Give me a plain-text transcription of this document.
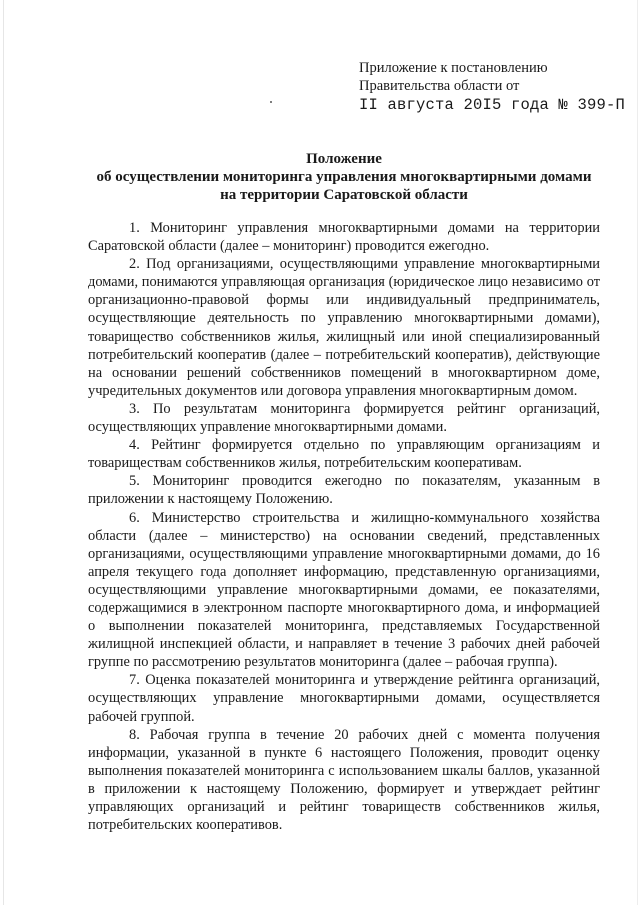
Приложение к постановлению
Правительства области от
II августа 20I5 года № 399-П
Положение
об осуществлении мониторинга управления многоквартирными домами
на территории Саратовской области

1. Мониторинг управления многоквартирными домами на территории Саратовской области (далее – мониторинг) проводится ежегодно.

2. Под организациями, осуществляющими управление многоквартирными домами, понимаются управляющая организация (юридическое лицо независимо от организационно-правовой формы или индивидуальный предприниматель, осуществляющие деятельность по управлению многоквартирными домами), товарищество собственников жилья, жилищный или иной специализированный потребительский кооператив (далее – потребительский кооператив), действующие на основании решений собственников помещений в многоквартирном доме, учредительных документов или договора управления многоквартирным домом.

3. По результатам мониторинга формируется рейтинг организаций, осуществляющих управление многоквартирными домами.

4. Рейтинг формируется отдельно по управляющим организациям и товариществам собственников жилья, потребительским кооперативам.

5. Мониторинг проводится ежегодно по показателям, указанным в приложении к настоящему Положению.

6. Министерство строительства и жилищно-коммунального хозяйства области (далее – министерство) на основании сведений, представленных организациями, осуществляющими управление многоквартирными домами, до 16 апреля текущего года дополняет информацию, представленную организациями, осуществляющими управление многоквартирными домами, ее показателями, содержащимися в электронном паспорте многоквартирного дома, и информацией о выполнении показателей мониторинга, представляемых Государственной жилищной инспекцией области, и направляет в течение 3 рабочих дней рабочей группе по рассмотрению результатов мониторинга (далее – рабочая группа).

7. Оценка показателей мониторинга и утверждение рейтинга организаций, осуществляющих управление многоквартирными домами, осуществляется рабочей группой.

8. Рабочая группа в течение 20 рабочих дней с момента получения информации, указанной в пункте 6 настоящего Положения, проводит оценку выполнения показателей мониторинга с использованием шкалы баллов, указанной в приложении к настоящему Положению, формирует и утверждает рейтинг управляющих организаций и рейтинг товариществ собственников жилья, потребительских кооперативов.
